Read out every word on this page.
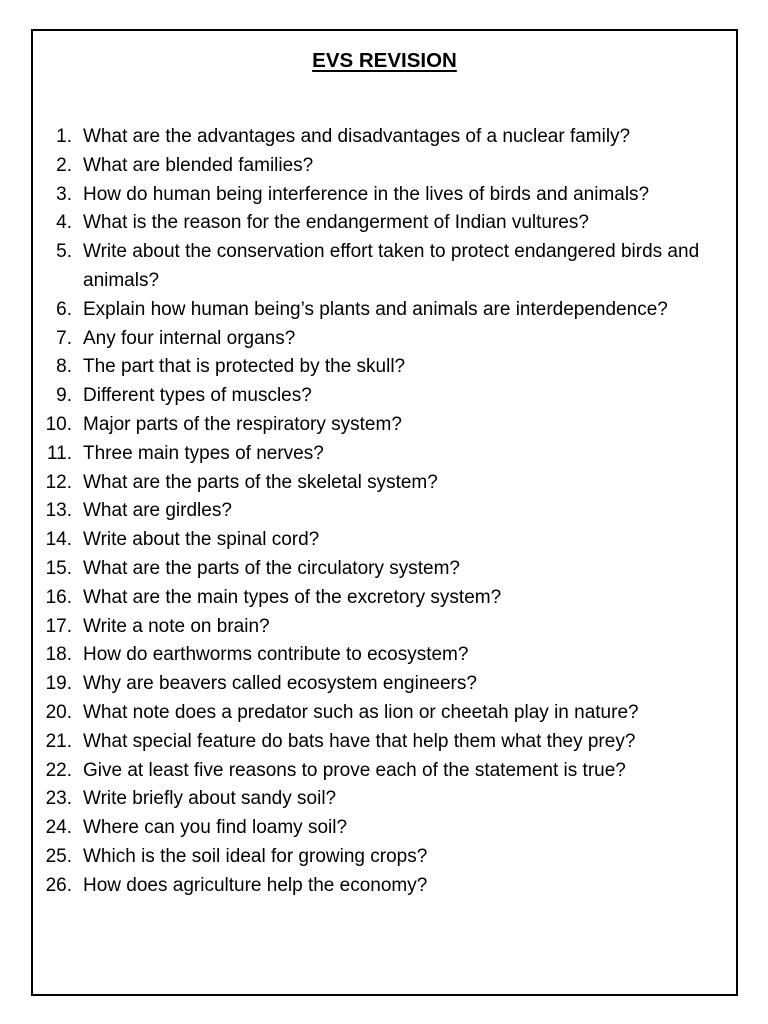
EVS REVISION
1. What are the advantages and disadvantages of a nuclear family?
2. What are blended families?
3. How do human being interference in the lives of birds and animals?
4. What is the reason for the endangerment of Indian vultures?
5. Write about the conservation effort taken to protect endangered birds and animals?
6. Explain how human being’s plants and animals are interdependence?
7. Any four internal organs?
8. The part that is protected by the skull?
9. Different types of muscles?
10. Major parts of the respiratory system?
11. Three main types of nerves?
12. What are the parts of the skeletal system?
13. What are girdles?
14. Write about the spinal cord?
15. What are the parts of the circulatory system?
16. What are the main types of the excretory system?
17. Write a note on brain?
18. How do earthworms contribute to ecosystem?
19. Why are beavers called ecosystem engineers?
20. What note does a predator such as lion or cheetah play in nature?
21. What special feature do bats have that help them what they prey?
22. Give at least five reasons to prove each of the statement is true?
23. Write briefly about sandy soil?
24. Where can you find loamy soil?
25. Which is the soil ideal for growing crops?
26. How does agriculture help the economy?
